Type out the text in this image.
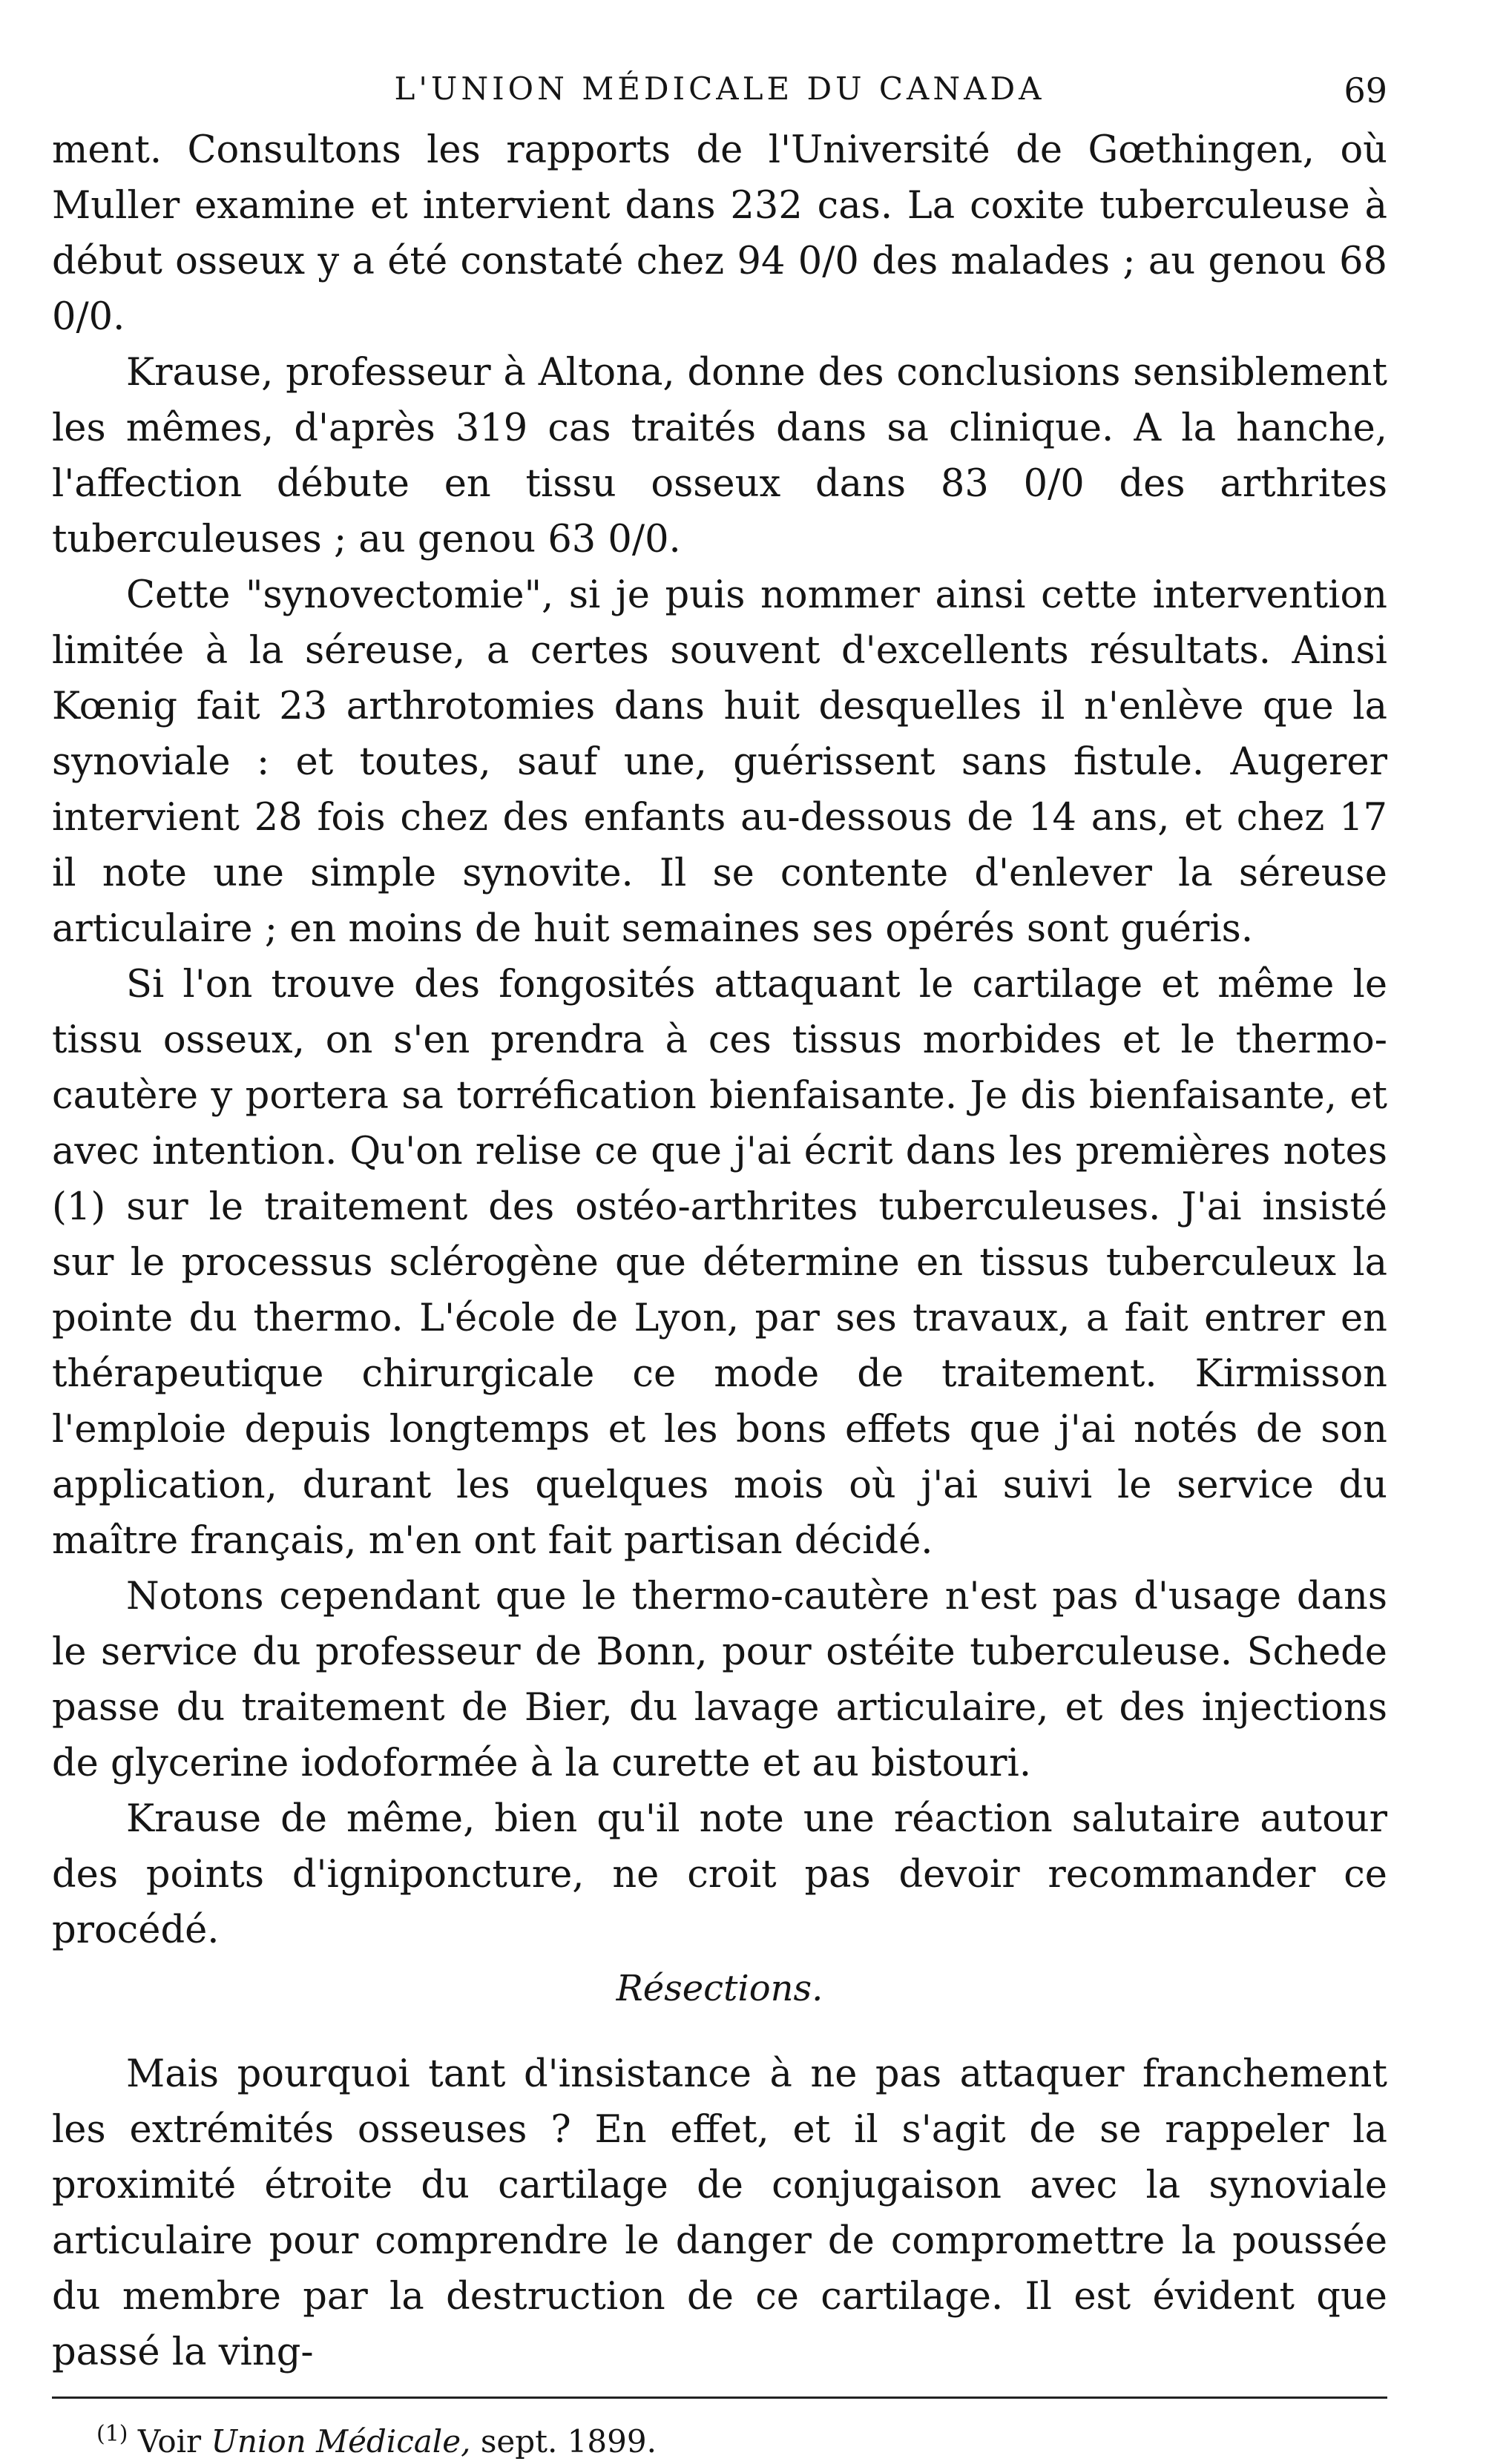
L'UNION MÉDICALE DU CANADA	69

ment. Consultons les rapports de l'Université de Gœthingen, où Muller examine et intervient dans 232 cas. La coxite tuberculeuse à début osseux y a été constaté chez 94 0/0 des malades ; au genou 68 0/0.

Krause, professeur à Altona, donne des conclusions sensiblement les mêmes, d'après 319 cas traités dans sa clinique. A la hanche, l'affection débute en tissu osseux dans 83 0/0 des arthrites tuberculeuses ; au genou 63 0/0.

Cette "synovectomie", si je puis nommer ainsi cette intervention limitée à la séreuse, a certes souvent d'excellents résultats. Ainsi Kœnig fait 23 arthrotomies dans huit desquelles il n'enlève que la synoviale : et toutes, sauf une, guérissent sans fistule. Augerer intervient 28 fois chez des enfants au-dessous de 14 ans, et chez 17 il note une simple synovite. Il se contente d'enlever la séreuse articulaire ; en moins de huit semaines ses opérés sont guéris.

Si l'on trouve des fongosités attaquant le cartilage et même le tissu osseux, on s'en prendra à ces tissus morbides et le thermo-cautère y portera sa torréfication bienfaisante. Je dis bienfaisante, et avec intention. Qu'on relise ce que j'ai écrit dans les premières notes (1) sur le traitement des ostéo-arthrites tuberculeuses. J'ai insisté sur le processus sclérogène que détermine en tissus tuberculeux la pointe du thermo. L'école de Lyon, par ses travaux, a fait entrer en thérapeutique chirurgicale ce mode de traitement. Kirmisson l'emploie depuis longtemps et les bons effets que j'ai notés de son application, durant les quelques mois où j'ai suivi le service du maître français, m'en ont fait partisan décidé.

Notons cependant que le thermo-cautère n'est pas d'usage dans le service du professeur de Bonn, pour ostéite tuberculeuse. Schede passe du traitement de Bier, du lavage articulaire, et des injections de glycerine iodoformée à la curette et au bistouri.

Krause de même, bien qu'il note une réaction salutaire autour des points d'igniponcture, ne croit pas devoir recommander ce procédé.

Résections.

Mais pourquoi tant d'insistance à ne pas attaquer franchement les extrémités osseuses ? En effet, et il s'agit de se rappeler la proximité étroite du cartilage de conjugaison avec la synoviale articulaire pour comprendre le danger de compromettre la poussée du membre par la destruction de ce cartilage. Il est évident que passé la ving-

$^{(1)}$ Voir Union Médicale, sept. 1899.
